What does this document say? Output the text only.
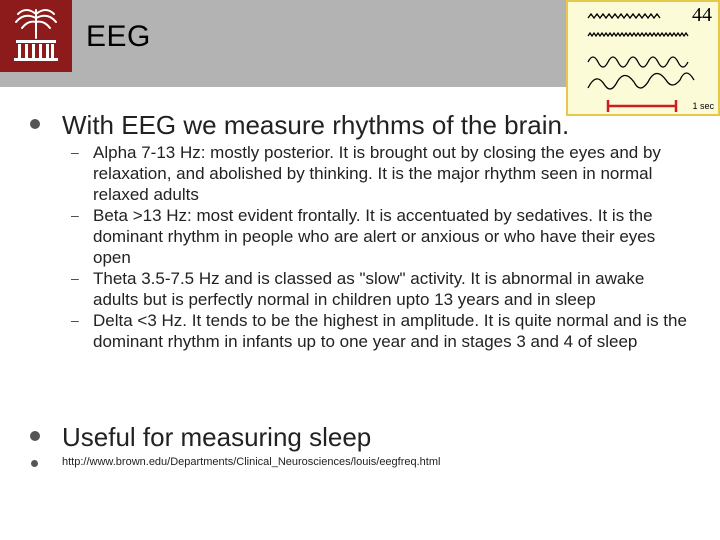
EEG
44
1 sec
With EEG we measure rhythms of the brain.
– Alpha 7-13 Hz: mostly posterior. It is brought out by closing the eyes and by relaxation, and abolished by thinking. It is the major rhythm seen in normal relaxed adults
– Beta >13 Hz: most evident frontally. It is accentuated by sedatives. It is the dominant rhythm in people who are alert or anxious or who have their eyes open
– Theta 3.5-7.5 Hz and is classed as "slow" activity. It is abnormal in awake adults but is perfectly normal in children upto 13 years and in sleep
– Delta <3 Hz. It tends to be the highest in amplitude. It is quite normal and is the dominant rhythm in infants up to one year and in stages 3 and 4 of sleep
Useful for measuring sleep
http://www.brown.edu/Departments/Clinical_Neurosciences/louis/eegfreq.html
